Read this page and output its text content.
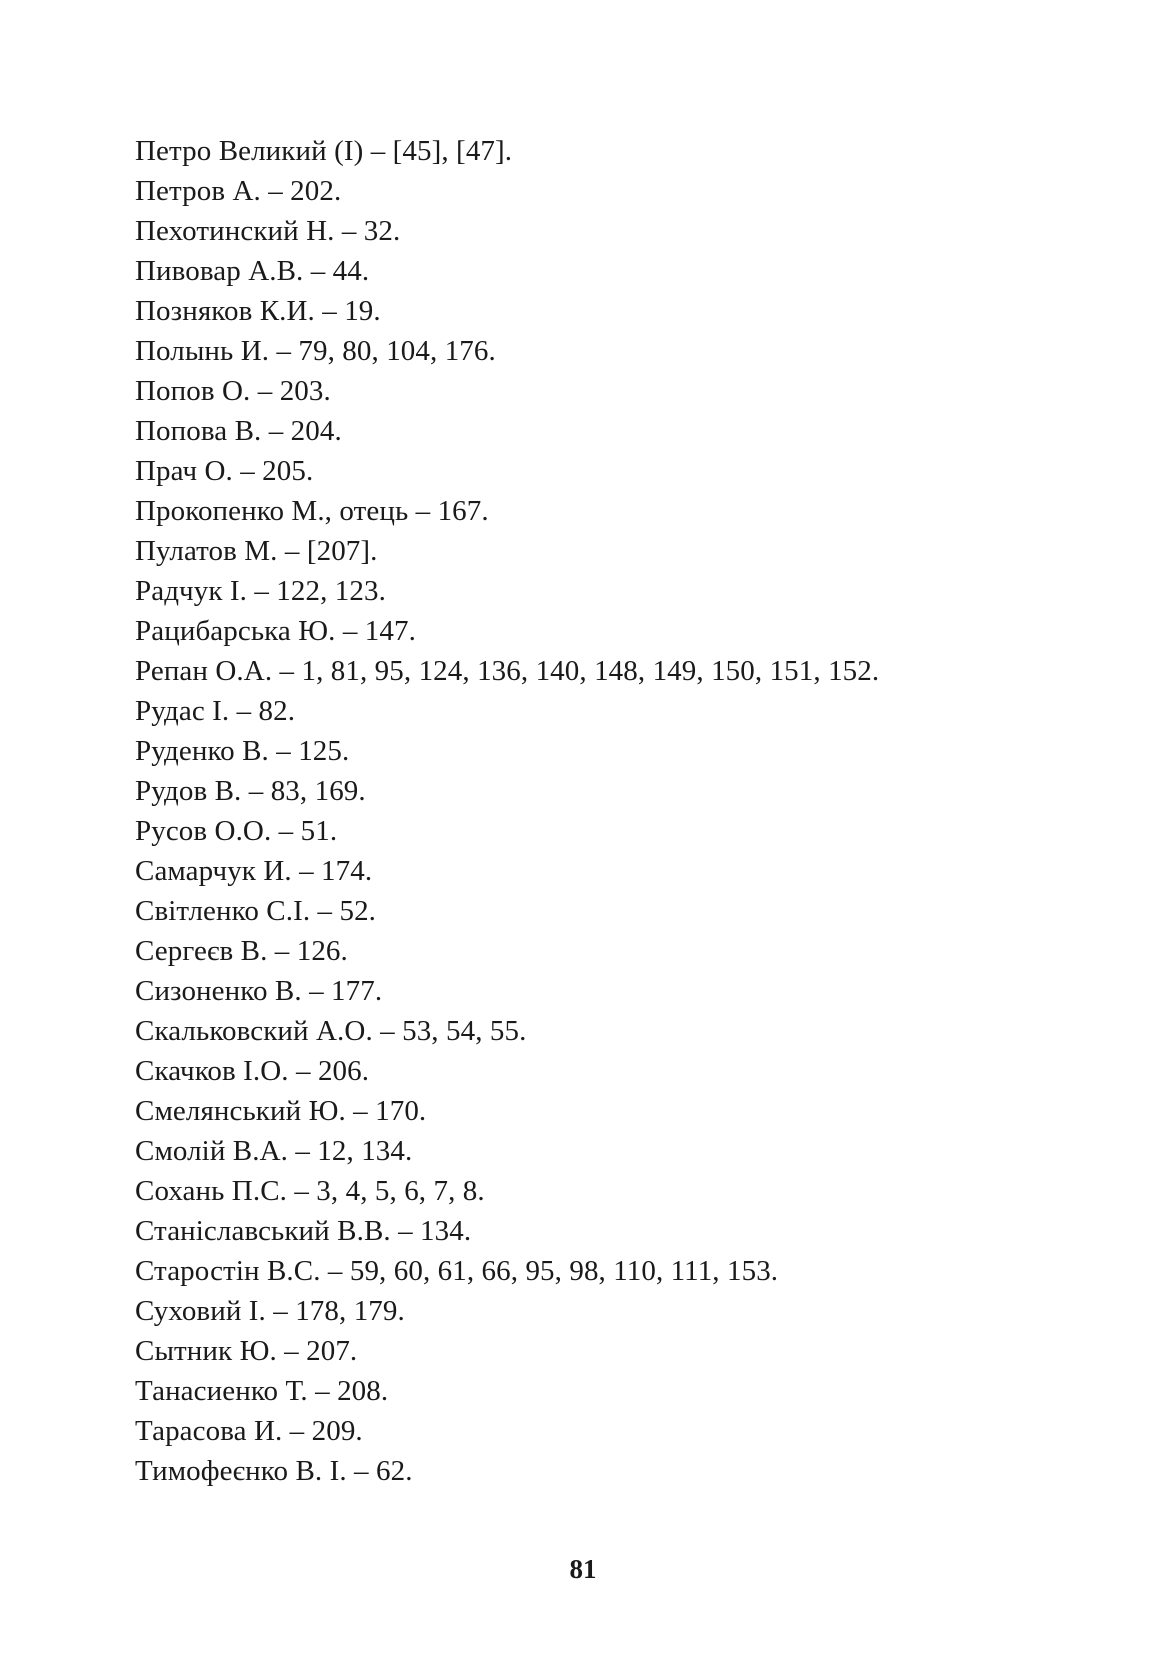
Петро Великий (І) – [45], [47].
Петров А. – 202.
Пехотинский Н. – 32.
Пивовар А.В. – 44.
Позняков К.И. – 19.
Полынь И. – 79, 80, 104, 176.
Попов О. – 203.
Попова В. – 204.
Прач О. – 205.
Прокопенко М., отець – 167.
Пулатов М. – [207].
Радчук І. – 122, 123.
Рацибарська Ю. – 147.
Репан О.А. – 1, 81, 95, 124, 136, 140, 148, 149, 150, 151, 152.
Рудас І. – 82.
Руденко В. – 125.
Рудов В. – 83, 169.
Русов О.О. – 51.
Самарчук И. – 174.
Світленко С.І. – 52.
Сергеєв В. – 126.
Сизоненко В. – 177.
Скальковский А.О. – 53, 54, 55.
Скачков І.О. – 206.
Смелянський Ю. – 170.
Смолій В.А. – 12, 134.
Сохань П.С. – 3, 4, 5, 6, 7, 8.
Станіславський В.В. – 134.
Старостін В.С. – 59, 60, 61, 66, 95, 98, 110, 111, 153.
Суховий І. – 178, 179.
Сытник Ю. – 207.
Танасиенко Т. – 208.
Тарасова И. – 209.
Тимофеєнко В. І. – 62.
81
